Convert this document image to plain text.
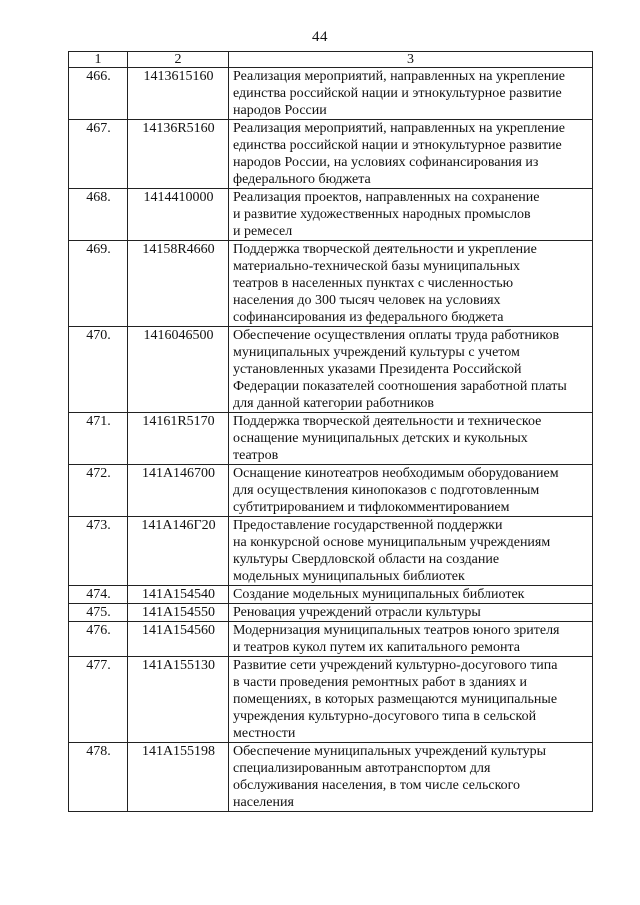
44
1	2	3
466.	1413615160	Реализация мероприятий, направленных на укрепление
единства российской нации и этнокультурное развитие
народов России
467.	14136R5160	Реализация мероприятий, направленных на укрепление
единства российской нации и этнокультурное развитие
народов России, на условиях софинансирования из
федерального бюджета
468.	1414410000	Реализация проектов, направленных на сохранение
и развитие художественных народных промыслов
и ремесел
469.	14158R4660	Поддержка творческой деятельности и укрепление
материально-технической базы муниципальных
театров в населенных пунктах с численностью
населения до 300 тысяч человек на условиях
софинансирования из федерального бюджета
470.	1416046500	Обеспечение осуществления оплаты труда работников
муниципальных учреждений культуры с учетом
установленных указами Президента Российской
Федерации показателей соотношения заработной платы
для данной категории работников
471.	14161R5170	Поддержка творческой деятельности и техническое
оснащение муниципальных детских и кукольных
театров
472.	141A146700	Оснащение кинотеатров необходимым оборудованием
для осуществления кинопоказов с подготовленным
субтитрированием и тифлокомментированием
473.	141A146Г20	Предоставление государственной поддержки
на конкурсной основе муниципальным учреждениям
культуры Свердловской области на создание
модельных муниципальных библиотек
474.	141A154540	Создание модельных муниципальных библиотек
475.	141A154550	Реновация учреждений отрасли культуры
476.	141A154560	Модернизация муниципальных театров юного зрителя
и театров кукол путем их капитального ремонта
477.	141A155130	Развитие сети учреждений культурно-досугового типа
в части проведения ремонтных работ в зданиях и
помещениях, в которых размещаются муниципальные
учреждения культурно-досугового типа в сельской
местности
478.	141A155198	Обеспечение муниципальных учреждений культуры
специализированным автотранспортом для
обслуживания населения, в том числе сельского
населения
